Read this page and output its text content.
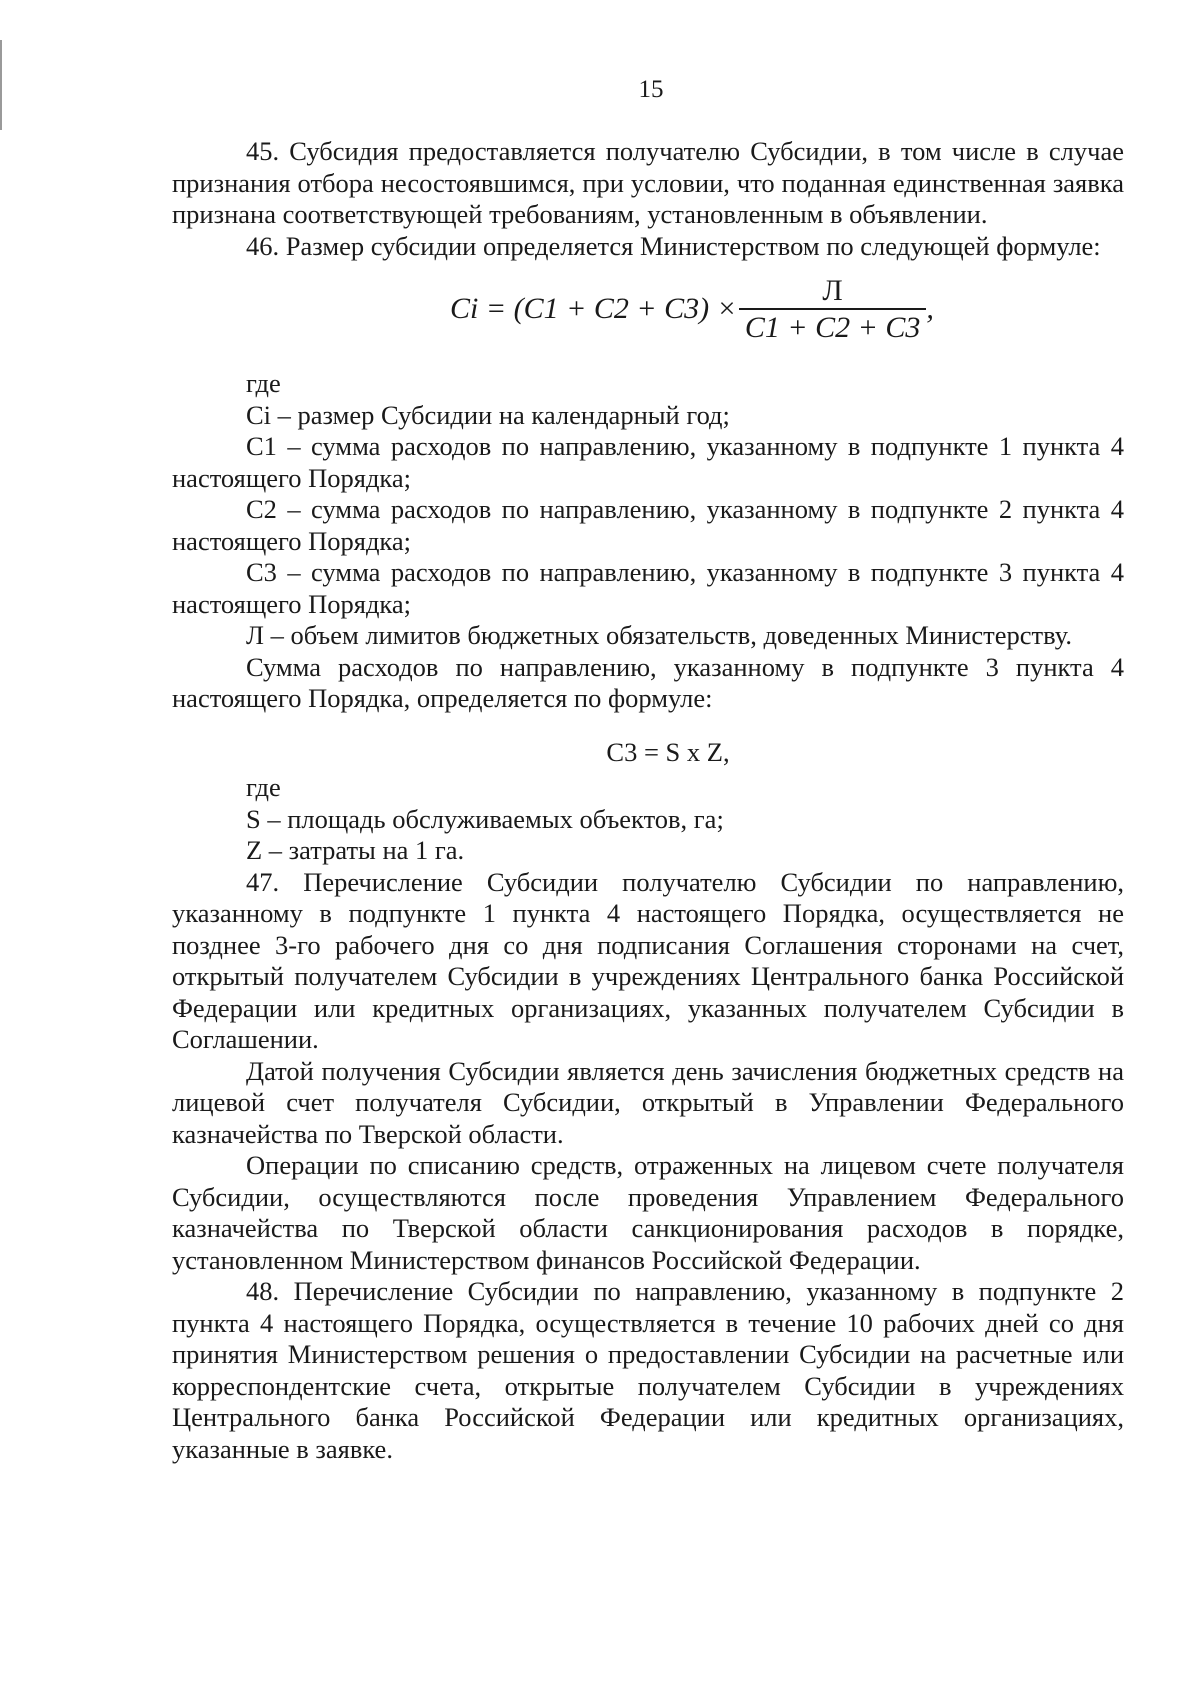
15

45. Субсидия предоставляется получателю Субсидии, в том числе в случае признания отбора несостоявшимся, при условии, что поданная единственная заявка признана соответствующей требованиям, установленным в объявлении.

46. Размер субсидии определяется Министерством по следующей формуле:

$Ci = (C1 + C2 + C3) \times \frac{Л}{C1 + C2 + C3}$ ,

где

Ci – размер Субсидии на календарный год;

С1 – сумма расходов по направлению, указанному в подпункте 1 пункта 4 настоящего Порядка;

С2 – сумма расходов по направлению, указанному в подпункте 2 пункта 4 настоящего Порядка;

С3 – сумма расходов по направлению, указанному в подпункте 3 пункта 4 настоящего Порядка;

Л – объем лимитов бюджетных обязательств, доведенных Министерству.

Сумма расходов по направлению, указанному в подпункте 3 пункта 4 настоящего Порядка, определяется по формуле:

С3 = S x Z,

где

S – площадь обслуживаемых объектов, га;

Z – затраты на 1 га.

47. Перечисление Субсидии получателю Субсидии по направлению, указанному в подпункте 1 пункта 4 настоящего Порядка, осуществляется не позднее 3-го рабочего дня со дня подписания Соглашения сторонами на счет, открытый получателем Субсидии в учреждениях Центрального банка Российской Федерации или кредитных организациях, указанных получателем Субсидии в Соглашении.

Датой получения Субсидии является день зачисления бюджетных средств на лицевой счет получателя Субсидии, открытый в Управлении Федерального казначейства по Тверской области.

Операции по списанию средств, отраженных на лицевом счете получателя Субсидии, осуществляются после проведения Управлением Федерального казначейства по Тверской области санкционирования расходов в порядке, установленном Министерством финансов Российской Федерации.

48. Перечисление Субсидии по направлению, указанному в подпункте 2 пункта 4 настоящего Порядка, осуществляется в течение 10 рабочих дней со дня принятия Министерством решения о предоставлении Субсидии на расчетные или корреспондентские счета, открытые получателем Субсидии в учреждениях Центрального банка Российской Федерации или кредитных организациях, указанные в заявке.
